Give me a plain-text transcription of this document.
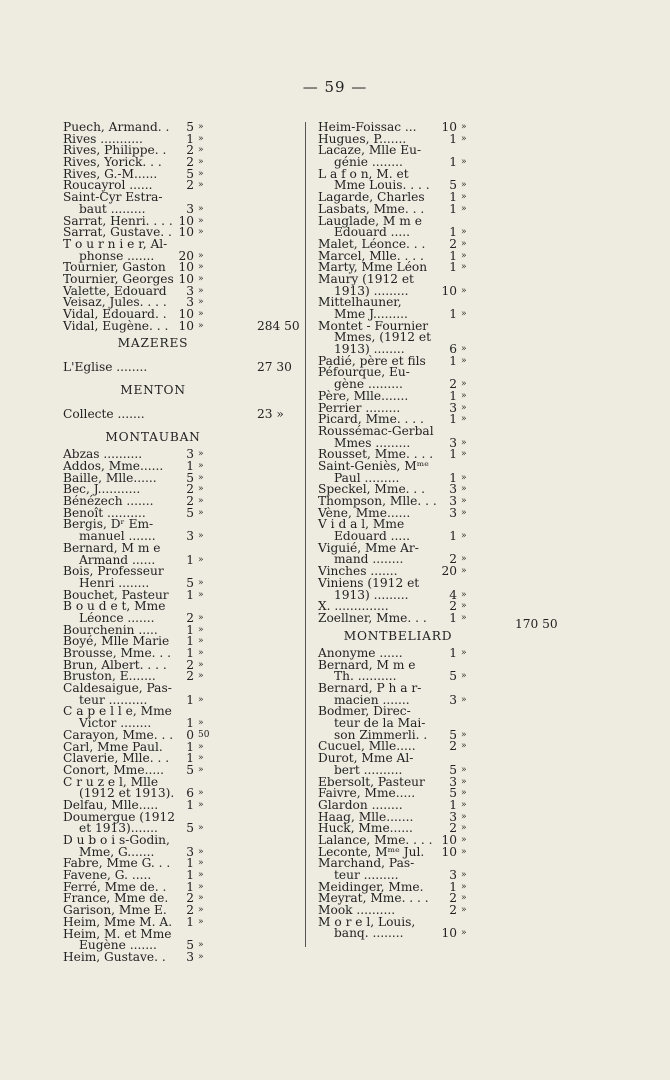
— 59 —
Puech, Armand. . 5 »
Rives ...........	1 »
Rives, Philippe. . 2 »
Rives, Yorick. . . 2 »
Rives, G.-M...... 5 »
Roucayrol ......	2 »
Saint-Cyr Estra-
baut .........	3 »
Sarrat, Henri. . . . 10 »
Sarrat, Gustave. . 10 »
T o u r n i e r, Al-
phonse ....... 20 »
Tournier, Gaston 10 »
Tournier, Georges 10 »
Valette, Edouard 3 »
Veisaz, Jules. . . . 3 »
Vidal, Edouard. . 10 »
Vidal, Eugène. . . 10 »	284 50
MAZERES
L'Eglise ........	27 30
MENTON
Collecte .......	23 »
MONTAUBAN
Abzas ..........	3 »
Addos, Mme...... 1 »
Baille, Mlle...... 5 »
Bec, J...........	2 »
Bénézech .......	2 »
Benoît ..........	5 »
Bergis, Dʳ Em-
manuel .......	3 »
Bernard, M m e
Armand ......	1 »
Bois, Professeur
Henri ........	5 »
Bouchet, Pasteur 1 »
B o u d e t, Mme
Léonce .......	2 »
Bourchenin ..... 1 »
Boyé, Mlle Marie 1 »
Brousse, Mme. . . 1 »
Brun, Albert. . . . 2 »
Bruston, E.......	2 »
Caldesaigue, Pas-
teur ..........	1 »
C a p e l l e, Mme
Victor ........	1 »
Carayon, Mme. . . 0 50
Carl, Mme Paul. 1 »
Claverie, Mlle. . . 1 »
Conort, Mme..... 5 »
C r u z e l, Mlle
(1912 et 1913). 6 »
Delfau, Mlle..... 1 »
Doumergue (1912
et 1913)....... 5 »
D u b o i s-Godin,
Mme, G.......	3 »
Fabre, Mme G. . . 1 »
Favene, G. .....	1 »
Ferré, Mme de. . 1 »
France, Mme de. 2 »
Garison, Mme E. 2 »
Heim, Mme M. A. 1 »
Heim, M. et Mme
Eugène ....... 5 »
Heim, Gustave. . 3 »
Heim-Foissac ... 10 »
Hugues, P.......	1 »
Lacaze, Mlle Eu-
génie ........	1 »
L a f o n, M. et
Mme Louis. . . . 5 »
Lagarde, Charles 1 »
Lasbats, Mme. . . 1 »
Lauglade, M m e
Edouard .....	1 »
Malet, Léonce. . . 2 »
Marcel, Mlle. . . . 1 »
Marty, Mme Léon 1 »
Maury (1912 et
1913) .........	10 »
Mittelhauner,
Mme J.........	1 »
Montet - Fournier
Mmes, (1912 et
1913) ........	6 »
Padié, père et fils 1 »
Péfourque, Eu-
gène .........	2 »
Père, Mlle.......	1 »
Perrier .........	3 »
Picard, Mme. . . . 1 »
Roussémac-Gerbal
Mmes .........	3 »
Rousset, Mme. . . . 1 »
Saint-Geniès, Mᵐᵉ
Paul .........	1 »
Speckel, Mme. . . 3 »
Thompson, Mlle. . . 3 »
Vène, Mme......	3 »
V i d a l, Mme
Edouard .....	1 »
Viguié, Mme Ar-
mand ........	2 »
Vinches .......	20 »
Viniens (1912 et
1913) .........	4 »
X. ..............	2 »
Zoellner, Mme. . . 1 »
MONTBELIARD
Anonyme ......	1 »
Bernard, M m e
Th. ..........	5 »
Bernard, P h a r-
macien .......	3 »
Bodmer, Direc-
teur de la Mai-
son Zimmerli. . 5 »
Cucuel, Mlle.....	2 »
Durot, Mme Al-
bert ..........	5 »
Ebersolt, Pasteur 3 »
Faivre, Mme.....	5 »
Glardon ........	1 »
Haag, Mlle.......	3 »
Huck, Mme......	2 »
Lalance, Mme. . . . 10 »
Leconte, Mᵐᵉ Jul. 10 »
Marchand, Pas-
teur .........	3 »
Meidinger, Mme. 1 »
Meyrat, Mme. . . . 2 »
Mook ..........	2 »
M o r e l, Louis,
banq. ........	10 »
170 50
